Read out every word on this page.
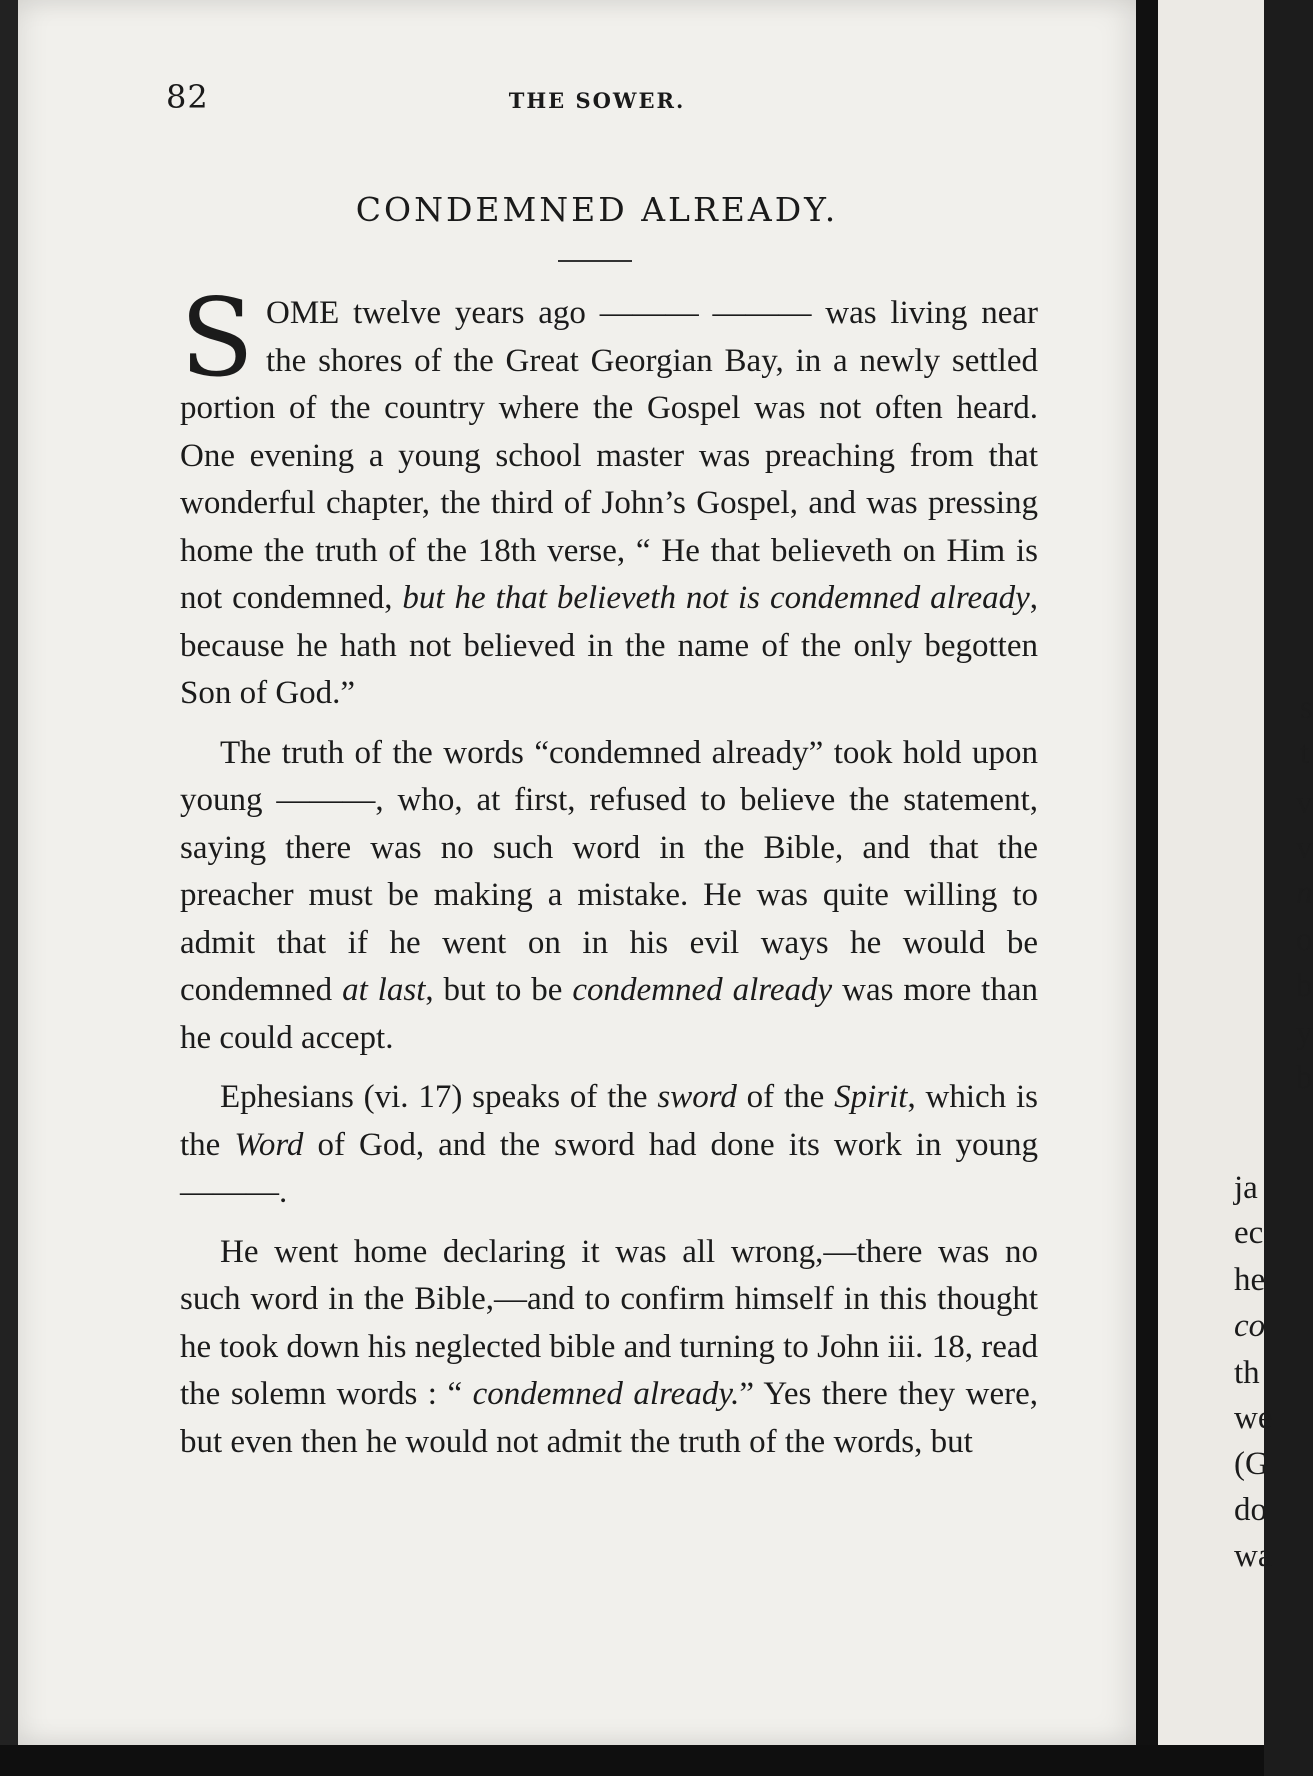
82	THE SOWER.
CONDEMNED ALREADY.

SOME twelve years ago ——— ——— was living near the shores of the Great Georgian Bay, in a newly settled portion of the country where the Gospel was not often heard. One evening a young school master was preaching from that wonderful chapter, the third of John’s Gospel, and was pressing home the truth of the 18th verse, “ He that believeth on Him is not condemned, but he that believeth not is condemned already, because he hath not believed in the name of the only begotten Son of God.”

The truth of the words “condemned already” took hold upon young ———, who, at first, refused to believe the statement, saying there was no such word in the Bible, and that the preacher must be making a mistake. He was quite willing to admit that if he went on in his evil ways he would be condemned at last, but to be condemned already was more than he could accept.

Ephesians (vi. 17) speaks of the sword of the Spirit, which is the Word of God, and the sword had done its work in young ———.

He went home declaring it was all wrong,—there was no such word in the Bible,—and to confirm himself in this thought he took down his neglected bible and turning to John iii. 18, read the solemn words : “ condemned already.” Yes there they were, but even then he would not admit the truth of the words, but

s
t
v
v
n
o
b
y
b
ja
ec
he
co
th
we
(G
do
wa
